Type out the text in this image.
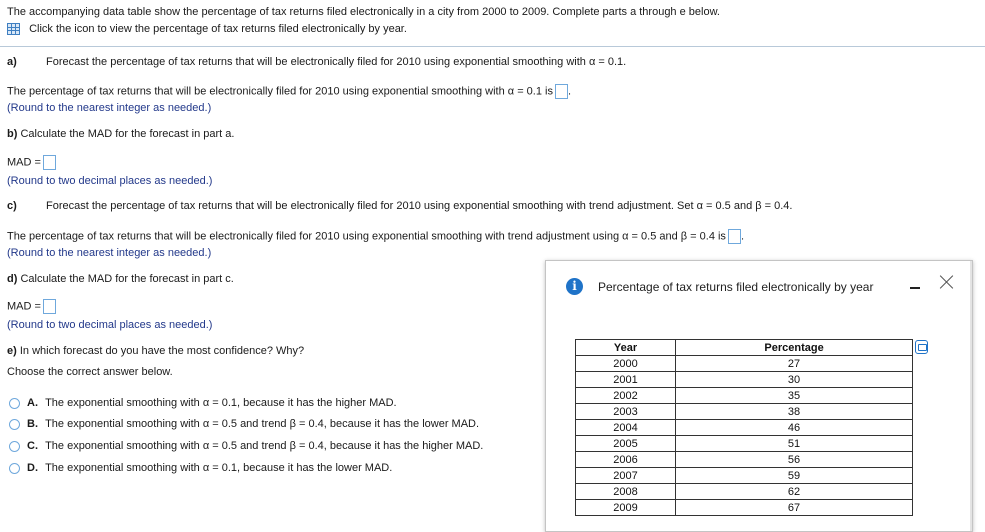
The accompanying data table show the percentage of tax returns filed electronically in a city from 2000 to 2009. Complete parts a through e below.
Click the icon to view the percentage of tax returns filed electronically by year.
a)	Forecast the percentage of tax returns that will be electronically filed for 2010 using exponential smoothing with α = 0.1.
The percentage of tax returns that will be electronically filed for 2010 using exponential smoothing with α = 0.1 is .
(Round to the nearest integer as needed.)
b) Calculate the MAD for the forecast in part a.
MAD =
(Round to two decimal places as needed.)
c)	Forecast the percentage of tax returns that will be electronically filed for 2010 using exponential smoothing with trend adjustment. Set α = 0.5 and β = 0.4.
The percentage of tax returns that will be electronically filed for 2010 using exponential smoothing with trend adjustment using α = 0.5 and β = 0.4 is .
(Round to the nearest integer as needed.)
d) Calculate the MAD for the forecast in part c.
MAD =
(Round to two decimal places as needed.)
e) In which forecast do you have the most confidence? Why?
Choose the correct answer below.
A. The exponential smoothing with α = 0.1, because it has the higher MAD.
B. The exponential smoothing with α = 0.5 and trend β = 0.4, because it has the lower MAD.
C. The exponential smoothing with α = 0.5 and trend β = 0.4, because it has the higher MAD.
D. The exponential smoothing with α = 0.1, because it has the lower MAD.
i	Percentage of tax returns filed electronically by year
Year	Percentage
2000	27
2001	30
2002	35
2003	38
2004	46
2005	51
2006	56
2007	59
2008	62
2009	67
